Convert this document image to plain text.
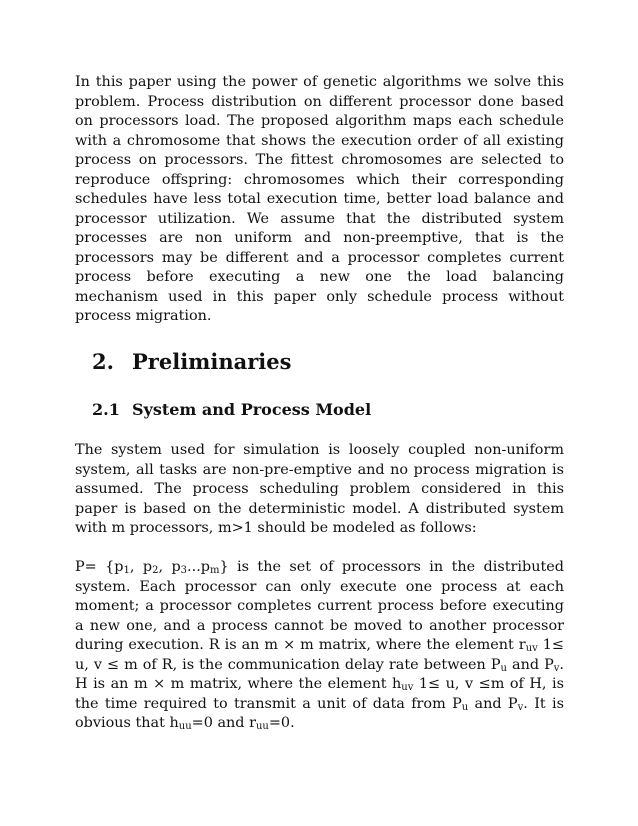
In this paper using the power of genetic algorithms we solve this problem. Process distribution on different processor done based on processors load. The proposed algorithm maps each schedule with a chromosome that shows the execution order of all existing process on processors. The fittest chromosomes are selected to reproduce offspring: chromosomes which their corresponding schedules have less total execution time, better load balance and processor utilization. We assume that the distributed system processes are non uniform and non-preemptive, that is the processors may be different and a processor completes current process before executing a new one the load balancing mechanism used in this paper only schedule process without process migration.

2. Preliminaries
2.1 System and Process Model

The system used for simulation is loosely coupled non-uniform system, all tasks are non-pre-emptive and no process migration is assumed. The process scheduling problem considered in this paper is based on the deterministic model. A distributed system with m processors, m>1 should be modeled as follows:

$P= \{p_1$, $p_2$, $p_3...p_m$} is the set of processors in the distributed system. Each processor can only execute one process at each moment; a processor completes current process before executing a new one, and a process cannot be moved to another processor during execution. R is an m × m matrix, where the element $r_{uv}$ 1≤ u, v ≤ m of R, is the communication delay rate between $P_u$ and $P_v$. H is an m × m matrix, where the element $h_{uv}$ 1≤ u, v ≤m of H, is the time required to transmit a unit of data from $P_u$ and $P_v$. It is obvious that $h_{uu}=0$ and $r_{uu}=0$.
